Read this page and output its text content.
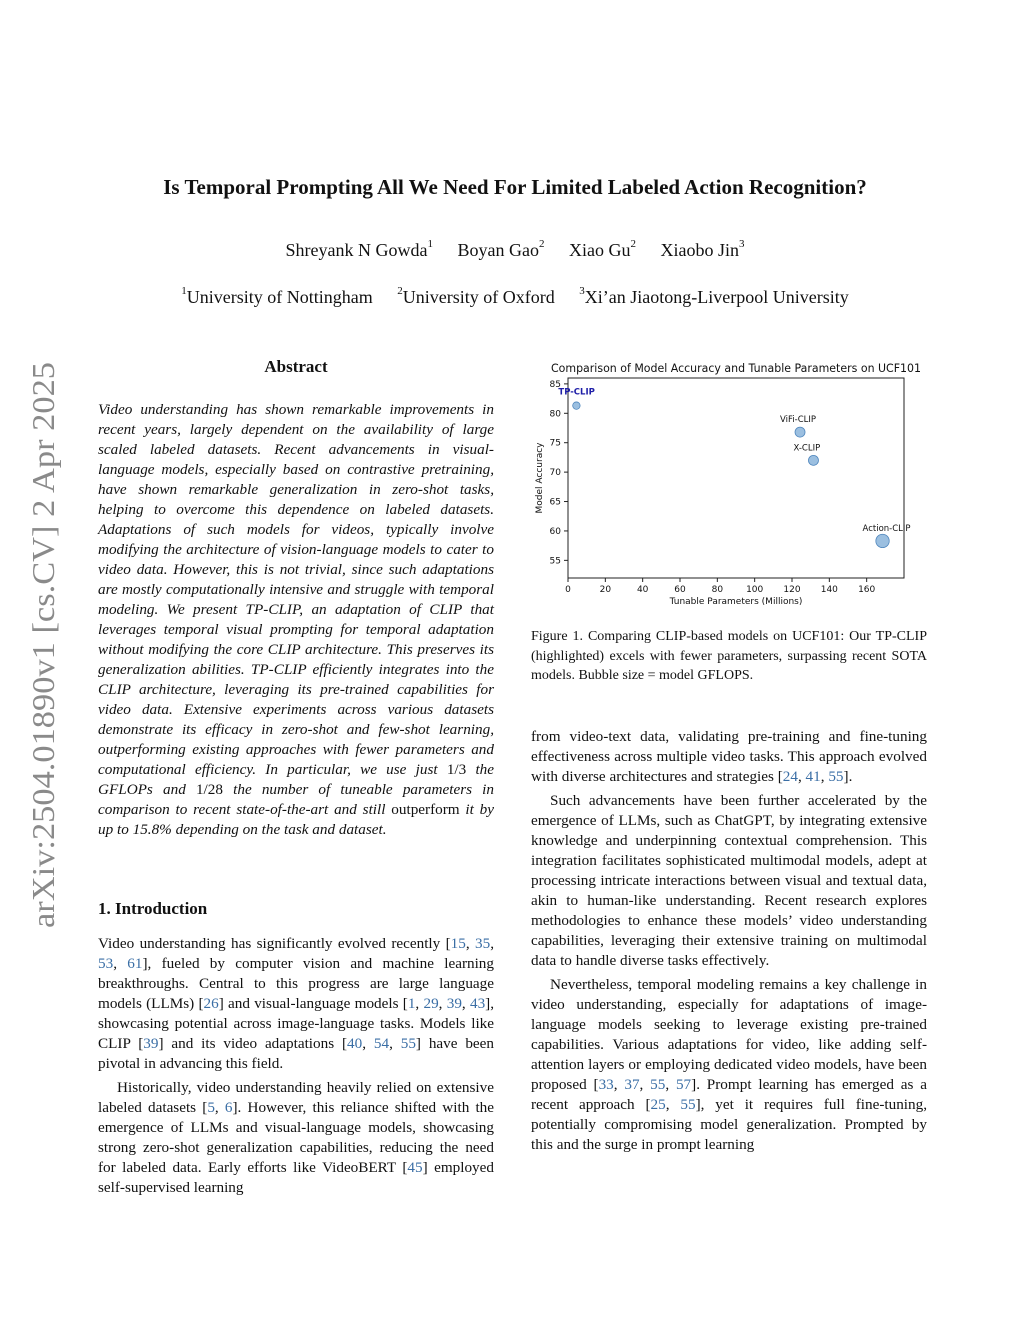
arXiv:2504.01890v1 [cs.CV] 2 Apr 2025
Is Temporal Prompting All We Need For Limited Labeled Action Recognition?
Shreyank N Gowda$^1$ Boyan Gao$^2$ Xiao Gu$^2$ Xiaobo Jin$^3$
$^1$University of Nottingham $^2$University of Oxford $^3$Xi’an Jiaotong-Liverpool University
Abstract
Video understanding has shown remarkable improvements in recent years, largely dependent on the availability of large scaled labeled datasets. Recent advancements in visual-language models, especially based on contrastive pretraining, have shown remarkable generalization in zero-shot tasks, helping to overcome this dependence on labeled datasets. Adaptations of such models for videos, typically involve modifying the architecture of vision-language models to cater to video data. However, this is not trivial, since such adaptations are mostly computationally intensive and struggle with temporal modeling. We present TP-CLIP, an adaptation of CLIP that leverages temporal visual prompting for temporal adaptation without modifying the core CLIP architecture. This preserves its generalization abilities. TP-CLIP efficiently integrates into the CLIP architecture, leveraging its pre-trained capabilities for video data. Extensive experiments across various datasets demonstrate its efficacy in zero-shot and few-shot learning, outperforming existing approaches with fewer parameters and computational efficiency. In particular, we use just 1/3 the GFLOPs and 1/28 the number of tuneable parameters in comparison to recent state-of-the-art and still outperform it by up to 15.8% depending on the task and dataset.
1. Introduction

Video understanding has significantly evolved recently [15, 35, 53, 61], fueled by computer vision and machine learning breakthroughs. Central to this progress are large language models (LLMs) [26] and visual-language models [1, 29, 39, 43], showcasing potential across image-language tasks. Models like CLIP [39] and its video adaptations [40, 54, 55] have been pivotal in advancing this field.

Historically, video understanding heavily relied on extensive labeled datasets [5, 6]. However, this reliance shifted with the emergence of LLMs and visual-language models, showcasing strong zero-shot generalization capabilities, reducing the need for labeled data. Early efforts like VideoBERT [45] employed self-supervised learning

Comparison of Model Accuracy and Tunable Parameters on UCF101
55
60
65
70
75
80
85
0	20	40	60	80	100 120 140 160
TP-CLIP
ViFi-CLIP
X-CLIP
Action-CLIP
Tunable Parameters (Millions)
Model Accuracy
Figure 1. Comparing CLIP-based models on UCF101: Our TP-CLIP (highlighted) excels with fewer parameters, surpassing recent SOTA models. Bubble size = model GFLOPS.

from video-text data, validating pre-training and fine-tuning effectiveness across multiple video tasks. This approach evolved with diverse architectures and strategies [24, 41, 55].

Such advancements have been further accelerated by the emergence of LLMs, such as ChatGPT, by integrating extensive knowledge and underpinning contextual comprehension. This integration facilitates sophisticated multimodal models, adept at processing intricate interactions between visual and textual data, akin to human-like understanding. Recent research explores methodologies to enhance these models’ video understanding capabilities, leveraging their extensive training on multimodal data to handle diverse tasks effectively.

Nevertheless, temporal modeling remains a key challenge in video understanding, especially for adaptations of image-language models seeking to leverage existing pre-trained capabilities. Various adaptations for video, like adding self-attention layers or employing dedicated video models, have been proposed [33, 37, 55, 57]. Prompt learning has emerged as a recent approach [25, 55], yet it requires full fine-tuning, potentially compromising model generalization. Prompted by this and the surge in prompt learning
